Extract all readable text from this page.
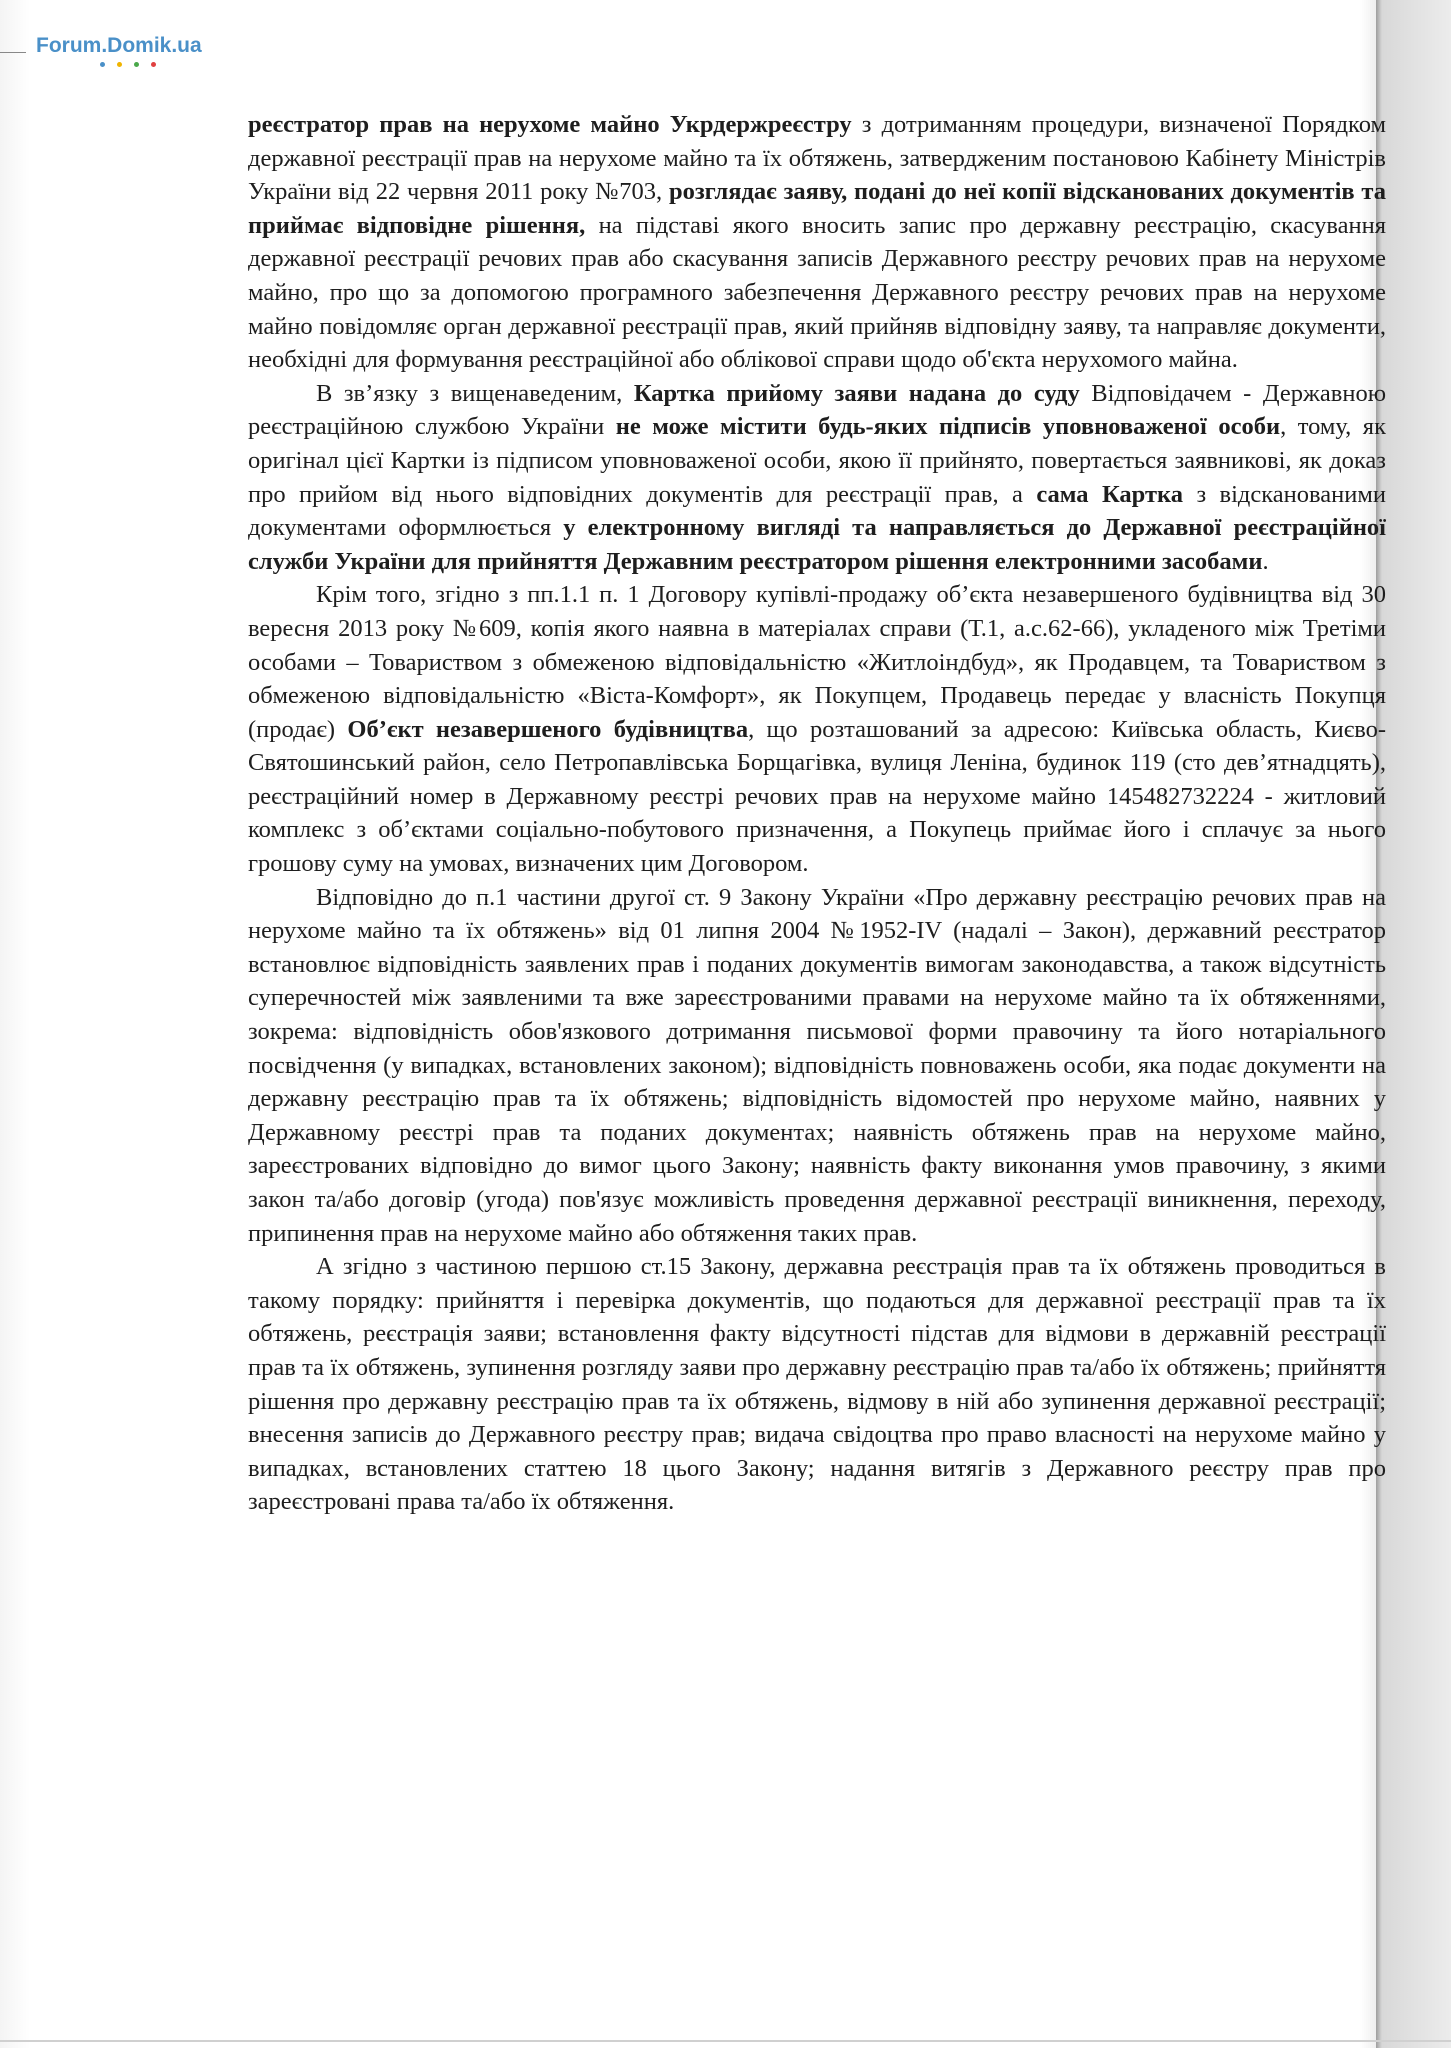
Forum.Domik.ua

реєстратор прав на нерухоме майно Укрдержреєстру з дотриманням процедури, визначеної Порядком державної реєстрації прав на нерухоме майно та їх обтяжень, затвердженим постановою Кабінету Міністрів України від 22 червня 2011 року №703, розглядає заяву, подані до неї копії відсканованих документів та приймає відповідне рішення, на підставі якого вносить запис про державну реєстрацію, скасування державної реєстрації речових прав або скасування записів Державного реєстру речових прав на нерухоме майно, про що за допомогою програмного забезпечення Державного реєстру речових прав на нерухоме майно повідомляє орган державної реєстрації прав, який прийняв відповідну заяву, та направляє документи, необхідні для формування реєстраційної або облікової справи щодо об'єкта нерухомого майна.

В зв’язку з вищенаведеним, Картка прийому заяви надана до суду Відповідачем - Державною реєстраційною службою України не може містити будь-яких підписів уповноваженої особи, тому, як оригінал цієї Картки із підписом уповноваженої особи, якою її прийнято, повертається заявникові, як доказ про прийом від нього відповідних документів для реєстрації прав, а сама Картка з відсканованими документами оформлюється у електронному вигляді та направляється до Державної реєстраційної служби України для прийняття Державним реєстратором рішення електронними засобами.

Крім того, згідно з пп.1.1 п. 1 Договору купівлі-продажу об’єкта незавершеного будівництва від 30 вересня 2013 року №609, копія якого наявна в матеріалах справи (Т.1, а.с.62-66), укладеного між Третіми особами – Товариством з обмеженою відповідальністю «Житлоіндбуд», як Продавцем, та Товариством з обмеженою відповідальністю «Віста-Комфорт», як Покупцем, Продавець передає у власність Покупця (продає) Об’єкт незавершеного будівництва, що розташований за адресою: Київська область, Києво-Святошинський район, село Петропавлівська Борщагівка, вулиця Леніна, будинок 119 (сто дев’ятнадцять), реєстраційний номер в Державному реєстрі речових прав на нерухоме майно 145482732224 - житловий комплекс з об’єктами соціально-побутового призначення, а Покупець приймає його і сплачує за нього грошову суму на умовах, визначених цим Договором.

Відповідно до п.1 частини другої ст. 9 Закону України «Про державну реєстрацію речових прав на нерухоме майно та їх обтяжень» від 01 липня 2004 №1952-IV (надалі – Закон), державний реєстратор встановлює відповідність заявлених прав і поданих документів вимогам законодавства, а також відсутність суперечностей між заявленими та вже зареєстрованими правами на нерухоме майно та їх обтяженнями, зокрема: відповідність обов'язкового дотримання письмової форми правочину та його нотаріального посвідчення (у випадках, встановлених законом); відповідність повноважень особи, яка подає документи на державну реєстрацію прав та їх обтяжень; відповідність відомостей про нерухоме майно, наявних у Державному реєстрі прав та поданих документах; наявність обтяжень прав на нерухоме майно, зареєстрованих відповідно до вимог цього Закону; наявність факту виконання умов правочину, з якими закон та/або договір (угода) пов'язує можливість проведення державної реєстрації виникнення, переходу, припинення прав на нерухоме майно або обтяження таких прав.

А згідно з частиною першою ст.15 Закону, державна реєстрація прав та їх обтяжень проводиться в такому порядку: прийняття і перевірка документів, що подаються для державної реєстрації прав та їх обтяжень, реєстрація заяви; встановлення факту відсутності підстав для відмови в державній реєстрації прав та їх обтяжень, зупинення розгляду заяви про державну реєстрацію прав та/або їх обтяжень; прийняття рішення про державну реєстрацію прав та їх обтяжень, відмову в ній або зупинення державної реєстрації; внесення записів до Державного реєстру прав; видача свідоцтва про право власності на нерухоме майно у випадках, встановлених статтею 18 цього Закону; надання витягів з Державного реєстру прав про зареєстровані права та/або їх обтяження.
